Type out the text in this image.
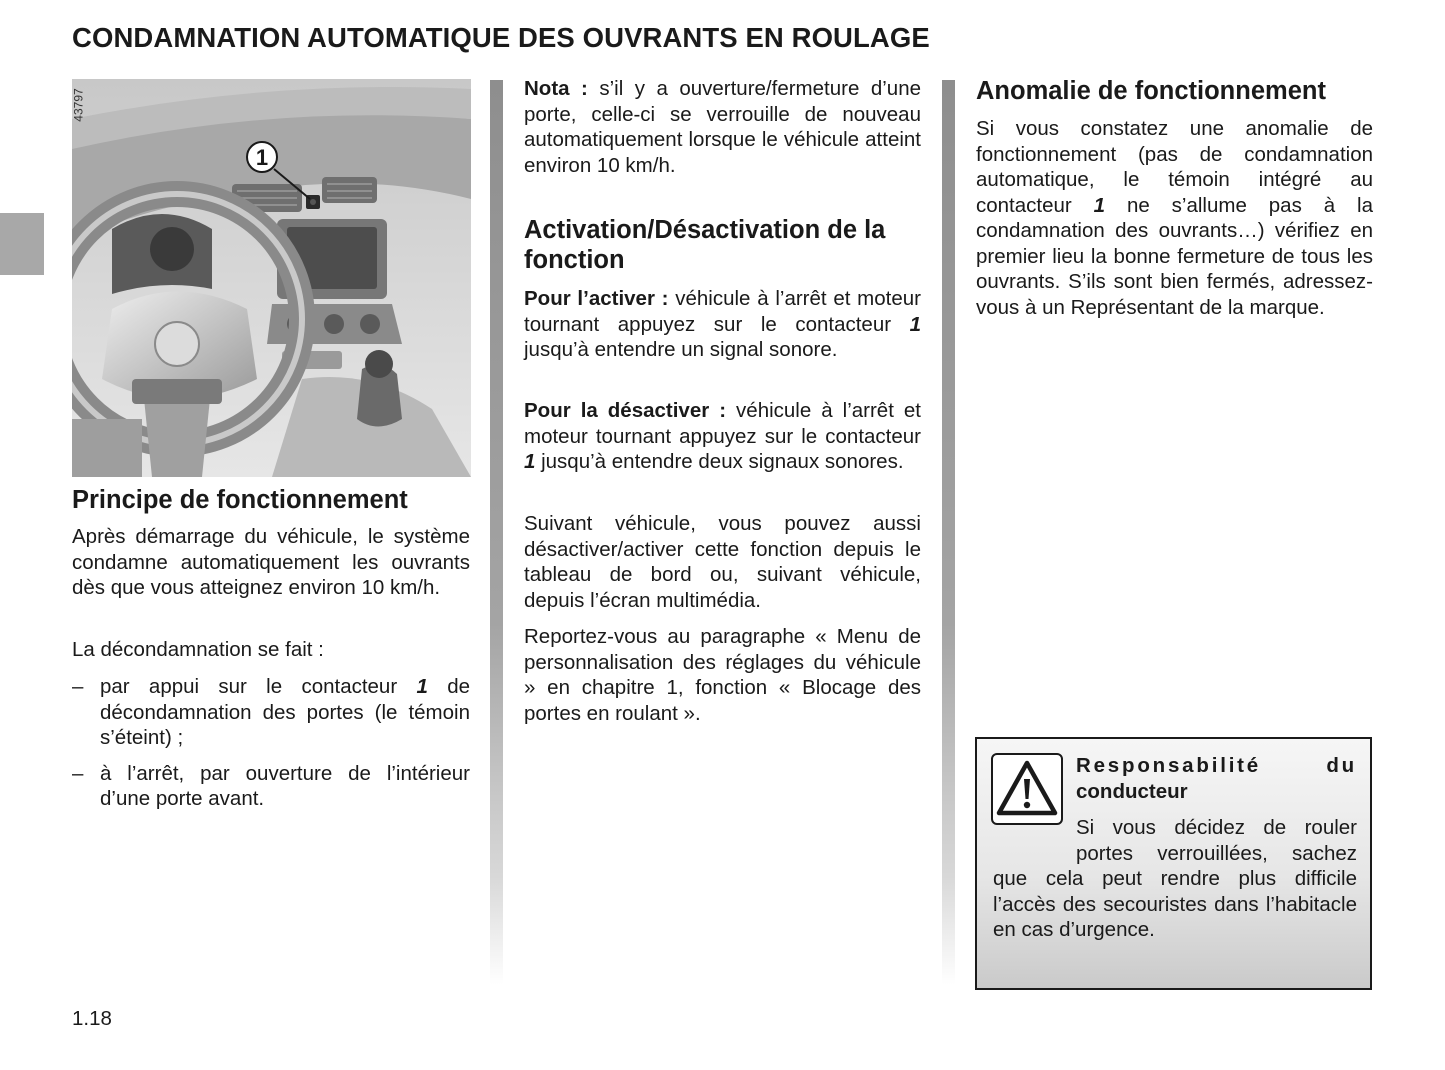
CONDAMNATION AUTOMATIQUE DES OUVRANTS EN ROULAGE
1
43797
Principe de fonctionnement

Après démarrage du véhicule, le système condamne automatiquement les ouvrants dès que vous atteignez environ 10 km/h.

La décondamnation se fait :

– par appui sur le contacteur 1 de décondamnation des portes (le témoin s’éteint) ;

– à l’arrêt, par ouverture de l’intérieur d’une porte avant.

Nota : s’il y a ouverture/fermeture d’une porte, celle-ci se verrouille de nouveau automatiquement lorsque le véhicule atteint environ 10 km/h.

Activation/Désactivation de la fonction

Pour l’activer : véhicule à l’arrêt et moteur tournant appuyez sur le contacteur 1 jusqu’à entendre un signal sonore.

Pour la désactiver : véhicule à l’arrêt et moteur tournant appuyez sur le contacteur 1 jusqu’à entendre deux signaux sonores.

Suivant véhicule, vous pouvez aussi désactiver/activer cette fonction depuis le tableau de bord ou, suivant véhicule, depuis l’écran multimédia.

Reportez-vous au paragraphe « Menu de personnalisation des réglages du véhicule » en chapitre 1, fonction « Blocage des portes en roulant ».

Anomalie de fonctionnement

Si vous constatez une anomalie de fonctionnement (pas de condamnation automatique, le témoin intégré au contacteur 1 ne s’allume pas à la condamnation des ouvrants…) vérifiez en premier lieu la bonne fermeture de tous les ouvrants. S’ils sont bien fermés, adressez-vous à un Représentant de la marque.

Responsabilité	du
conducteur
Si vous décidez de rouler portes verrouillées, sachez que cela peut rendre plus difficile l’accès des secouristes dans l’habitacle en cas d’urgence.
1.18
